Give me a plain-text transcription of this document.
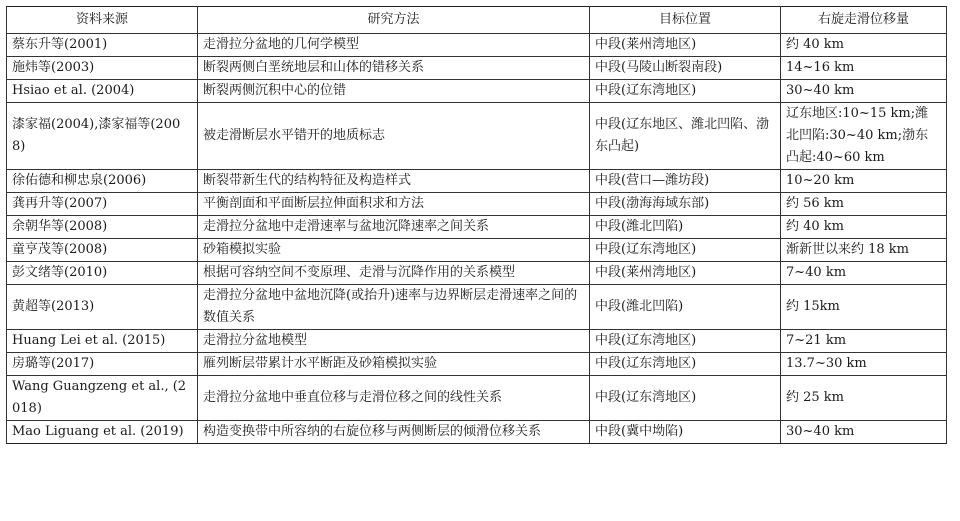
资料来源	研究方法	目标位置	右旋走滑位移量
蔡东升等(2001)	走滑拉分盆地的几何学模型	中段(莱州湾地区)	约 40 km
施炜等(2003)	断裂两侧白垩统地层和山体的错移关系	中段(马陵山断裂南段)	14~16 km
Hsiao et al. (2004)	断裂两侧沉积中心的位错	中段(辽东湾地区)	30~40 km
漆家福(2004),漆家福等(2008)	被走滑断层水平错开的地质标志	中段(辽东地区、潍北凹陷、渤东凸起)	辽东地区:10~15 km;潍北凹陷:30~40 km;渤东凸起:40~60 km
徐佑德和柳忠泉(2006)	断裂带新生代的结构特征及构造样式	中段(营口—潍坊段)	10~20 km
龚再升等(2007)	平衡剖面和平面断层拉伸面积求和方法	中段(渤海海域东部)	约 56 km
余朝华等(2008)	走滑拉分盆地中走滑速率与盆地沉降速率之间关系	中段(潍北凹陷)	约 40 km
童亨茂等(2008)	砂箱模拟实验	中段(辽东湾地区)	渐新世以来约 18 km
彭文绪等(2010)	根据可容纳空间不变原理、走滑与沉降作用的关系模型	中段(莱州湾地区)	7~40 km
黄超等(2013)	走滑拉分盆地中盆地沉降(或抬升)速率与边界断层走滑速率之间的数值关系	中段(潍北凹陷)	约 15km
Huang Lei et al. (2015)	走滑拉分盆地模型	中段(辽东湾地区)	7~21 km
房璐等(2017)	雁列断层带累计水平断距及砂箱模拟实验	中段(辽东湾地区)	13.7~30 km
Wang Guangzeng et al., (2018)	走滑拉分盆地中垂直位移与走滑位移之间的线性关系	中段(辽东湾地区)	约 25 km
Mao Liguang et al. (2019)	构造变换带中所容纳的右旋位移与两侧断层的倾滑位移关系	中段(冀中坳陷)	30~40 km
